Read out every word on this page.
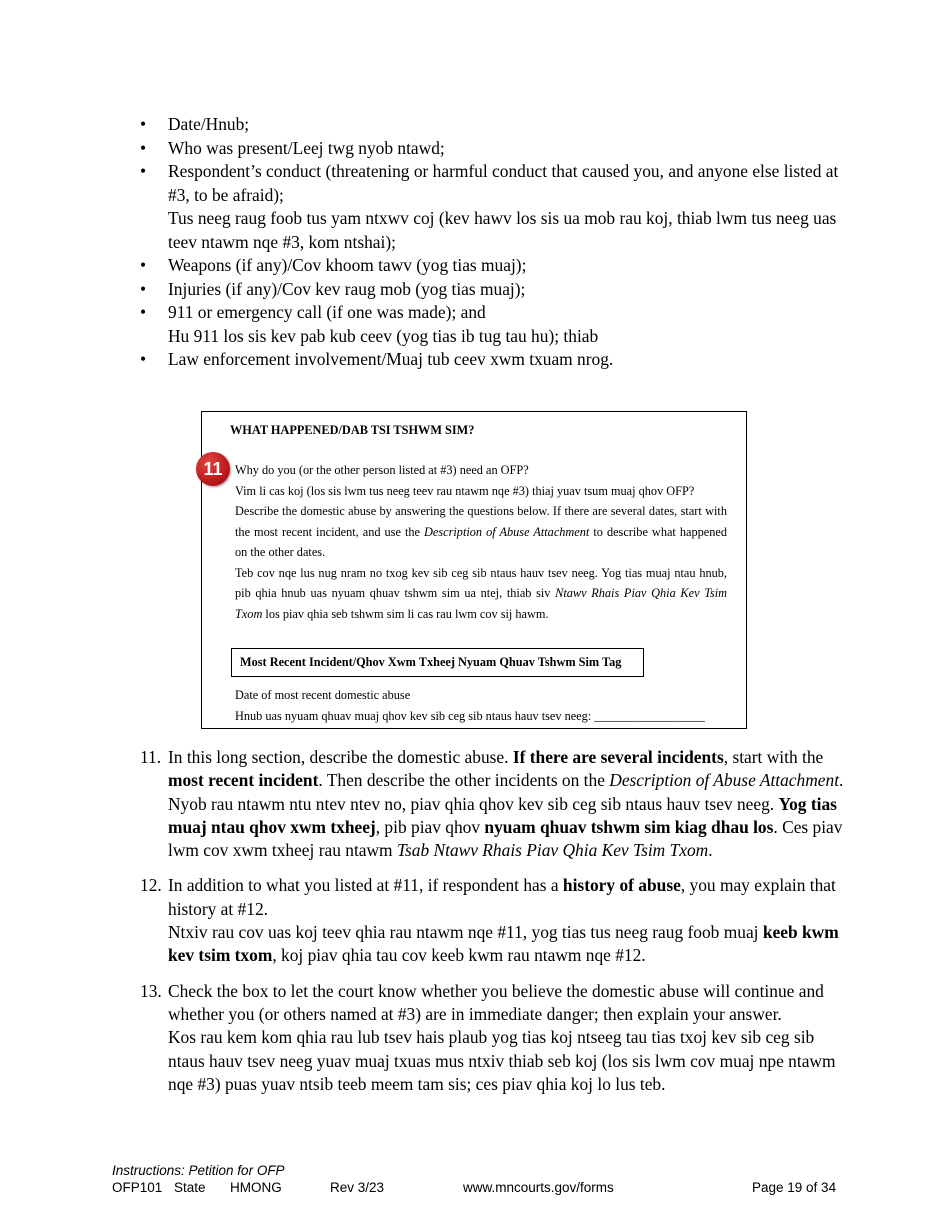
• Date/Hnub;
• Who was present/Leej twg nyob ntawd;
• Respondent’s conduct (threatening or harmful conduct that caused you, and anyone else listed at #3, to be afraid);
Tus neeg raug foob tus yam ntxwv coj (kev hawv los sis ua mob rau koj, thiab lwm tus neeg uas teev ntawm nqe #3, kom ntshai);
• Weapons (if any)/Cov khoom tawv (yog tias muaj);
• Injuries (if any)/Cov kev raug mob (yog tias muaj);
• 911 or emergency call (if one was made); and
Hu 911 los sis kev pab kub ceev (yog tias ib tug tau hu); thiab
• Law enforcement involvement/Muaj tub ceev xwm txuam nrog.
WHAT HAPPENED/DAB TSI TSHWM SIM?
11	Why do you (or the other person listed at #3) need an OFP?

Vim li cas koj (los sis lwm tus neeg teev rau ntawm nqe #3) thiaj yuav tsum muaj qhov OFP?

Describe the domestic abuse by answering the questions below. If there are several dates, start with the most recent incident, and use the Description of Abuse Attachment to describe what happened on the other dates.

Teb cov nqe lus nug nram no txog kev sib ceg sib ntaus hauv tsev neeg. Yog tias muaj ntau hnub, pib qhia hnub uas nyuam qhuav tshwm sim ua ntej, thiab siv Ntawv Rhais Piav Qhia Kev Tsim Txom los piav qhia seb tshwm sim li cas rau lwm cov sij hawm.

Most Recent Incident/Qhov Xwm Txheej Nyuam Qhuav Tshwm Sim Tag

Date of most recent domestic abuse

Hnub uas nyuam qhuav muaj qhov kev sib ceg sib ntaus hauv tsev neeg: __________________

11. In this long section, describe the domestic abuse. If there are several incidents, start with the most recent incident. Then describe the other incidents on the Description of Abuse Attachment.

Nyob rau ntawm ntu ntev ntev no, piav qhia qhov kev sib ceg sib ntaus hauv tsev neeg. Yog tias muaj ntau qhov xwm txheej, pib piav qhov nyuam qhuav tshwm sim kiag dhau los. Ces piav lwm cov xwm txheej rau ntawm Tsab Ntawv Rhais Piav Qhia Kev Tsim Txom.

12. In addition to what you listed at #11, if respondent has a history of abuse, you may explain that history at #12.

Ntxiv rau cov uas koj teev qhia rau ntawm nqe #11, yog tias tus neeg raug foob muaj keeb kwm kev tsim txom, koj piav qhia tau cov keeb kwm rau ntawm nqe #12.

13. Check the box to let the court know whether you believe the domestic abuse will continue and whether you (or others named at #3) are in immediate danger; then explain your answer.

Kos rau kem kom qhia rau lub tsev hais plaub yog tias koj ntseeg tau tias txoj kev sib ceg sib ntaus hauv tsev neeg yuav muaj txuas mus ntxiv thiab seb koj (los sis lwm cov muaj npe ntawm nqe #3) puas yuav ntsib teeb meem tam sis; ces piav qhia koj lo lus teb.

Instructions: Petition for OFP
OFP101 State HMONG	Rev 3/23	www.mncourts.gov/forms	Page 19 of 34
